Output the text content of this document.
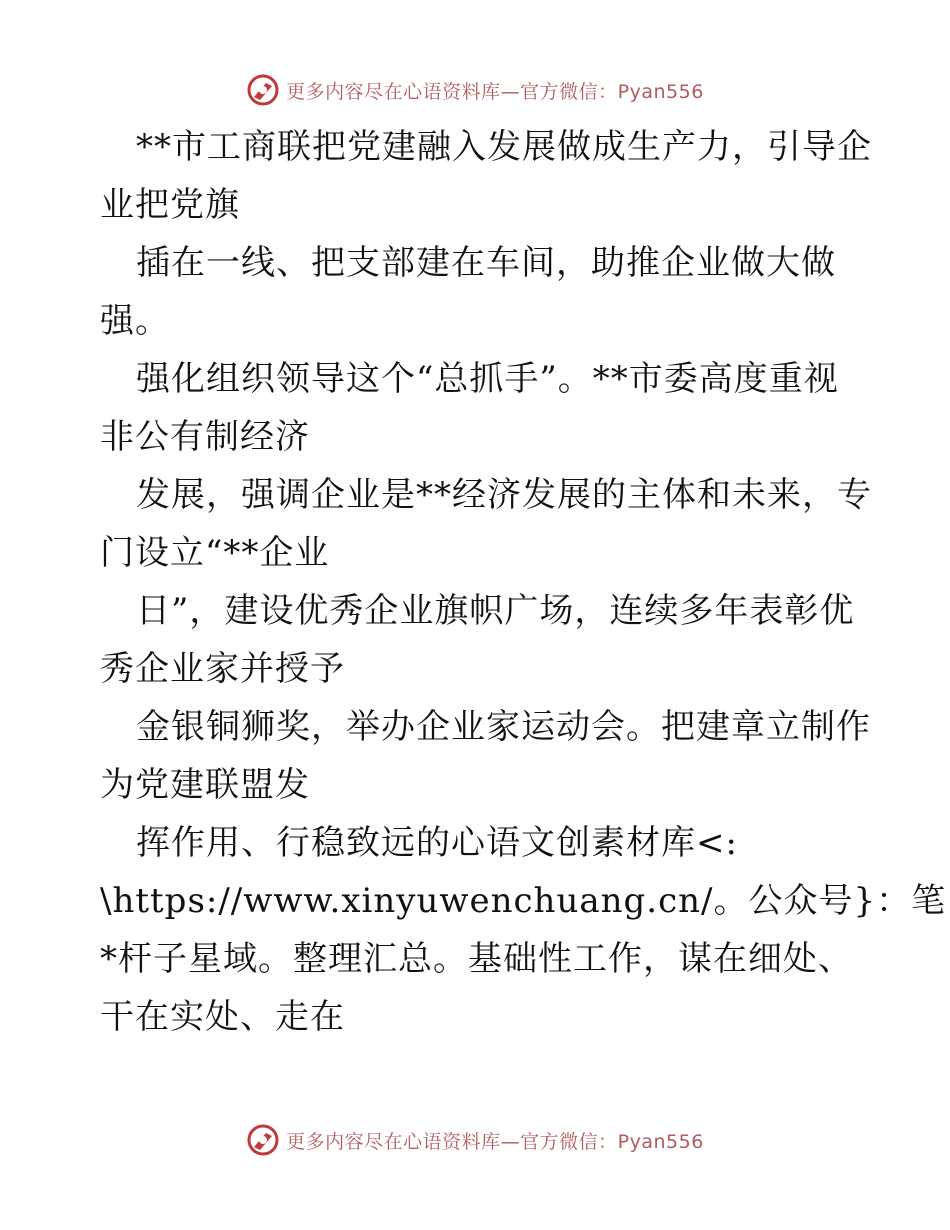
更多内容尽在心语资料库—官方微信：Pyan556
**市工商联把党建融入发展做成生产力，引导企
业把党旗
插在一线、把支部建在车间，助推企业做大做
强。
强化组织领导这个“总抓手”。**市委高度重视
非公有制经济
发展，强调企业是**经济发展的主体和未来，专
门设立“**企业
日”，建设优秀企业旗帜广场，连续多年表彰优
秀企业家并授予
金银铜狮奖，举办企业家运动会。把建章立制作
为党建联盟发
挥作用、行稳致远的心语文创素材库<:
\https://www.xinyuwenchuang.cn/。公众号}：笔
*杆子星域。整理汇总。基础性工作，谋在细处、
干在实处、走在
更多内容尽在心语资料库—官方微信：Pyan556
